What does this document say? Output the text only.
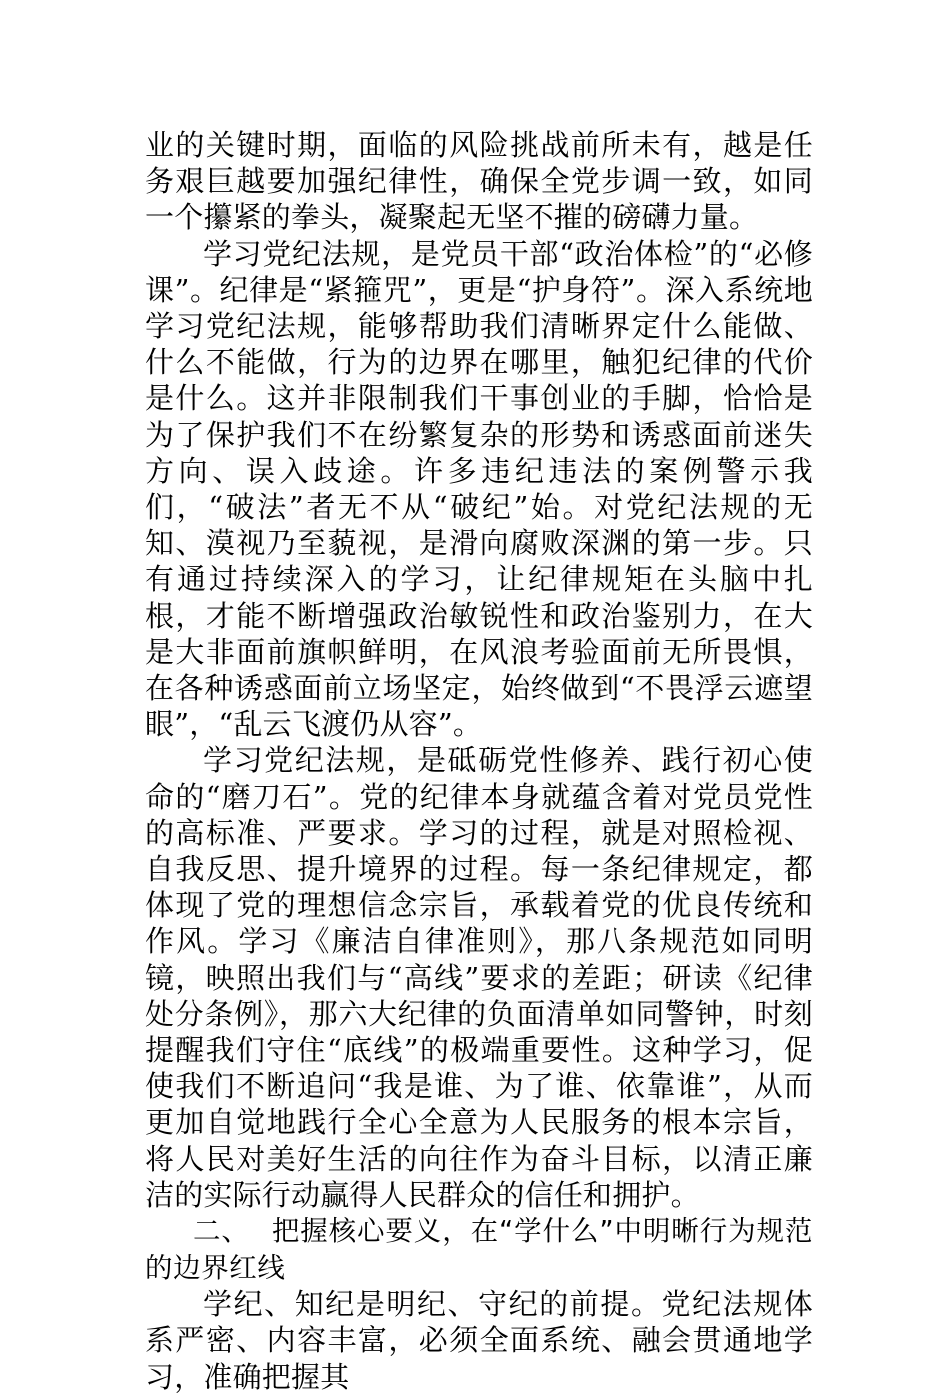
业的关键时期，面临的风险挑战前所未有，越是任务艰巨越要加强纪律性，确保全党步调一致，如同一个攥紧的拳头，凝聚起无坚不摧的磅礴力量。

学习党纪法规，是党员干部“政治体检”的“必修课”。纪律是“紧箍咒”，更是“护身符”。深入系统地学习党纪法规，能够帮助我们清晰界定什么能做、什么不能做，行为的边界在哪里，触犯纪律的代价是什么。这并非限制我们干事创业的手脚，恰恰是为了保护我们不在纷繁复杂的形势和诱惑面前迷失方向、误入歧途。许多违纪违法的案例警示我们，“破法”者无不从“破纪”始。对党纪法规的无知、漠视乃至藐视，是滑向腐败深渊的第一步。只有通过持续深入的学习，让纪律规矩在头脑中扎根，才能不断增强政治敏锐性和政治鉴别力，在大是大非面前旗帜鲜明，在风浪考验面前无所畏惧，在各种诱惑面前立场坚定，始终做到“不畏浮云遮望眼”，“乱云飞渡仍从容”。

学习党纪法规，是砥砺党性修养、践行初心使命的“磨刀石”。党的纪律本身就蕴含着对党员党性的高标准、严要求。学习的过程，就是对照检视、自我反思、提升境界的过程。每一条纪律规定，都体现了党的理想信念宗旨，承载着党的优良传统和作风。学习《廉洁自律准则》，那八条规范如同明镜，映照出我们与“高线”要求的差距；研读《纪律处分条例》，那六大纪律的负面清单如同警钟，时刻提醒我们守住“底线”的极端重要性。这种学习，促使我们不断追问“我是谁、为了谁、依靠谁”，从而更加自觉地践行全心全意为人民服务的根本宗旨，将人民对美好生活的向往作为奋斗目标，以清正廉洁的实际行动赢得人民群众的信任和拥护。

二、 把握核心要义，在“学什么”中明晰行为规范的边界红线

学纪、知纪是明纪、守纪的前提。党纪法规体系严密、内容丰富，必须全面系统、融会贯通地学习，准确把握其
